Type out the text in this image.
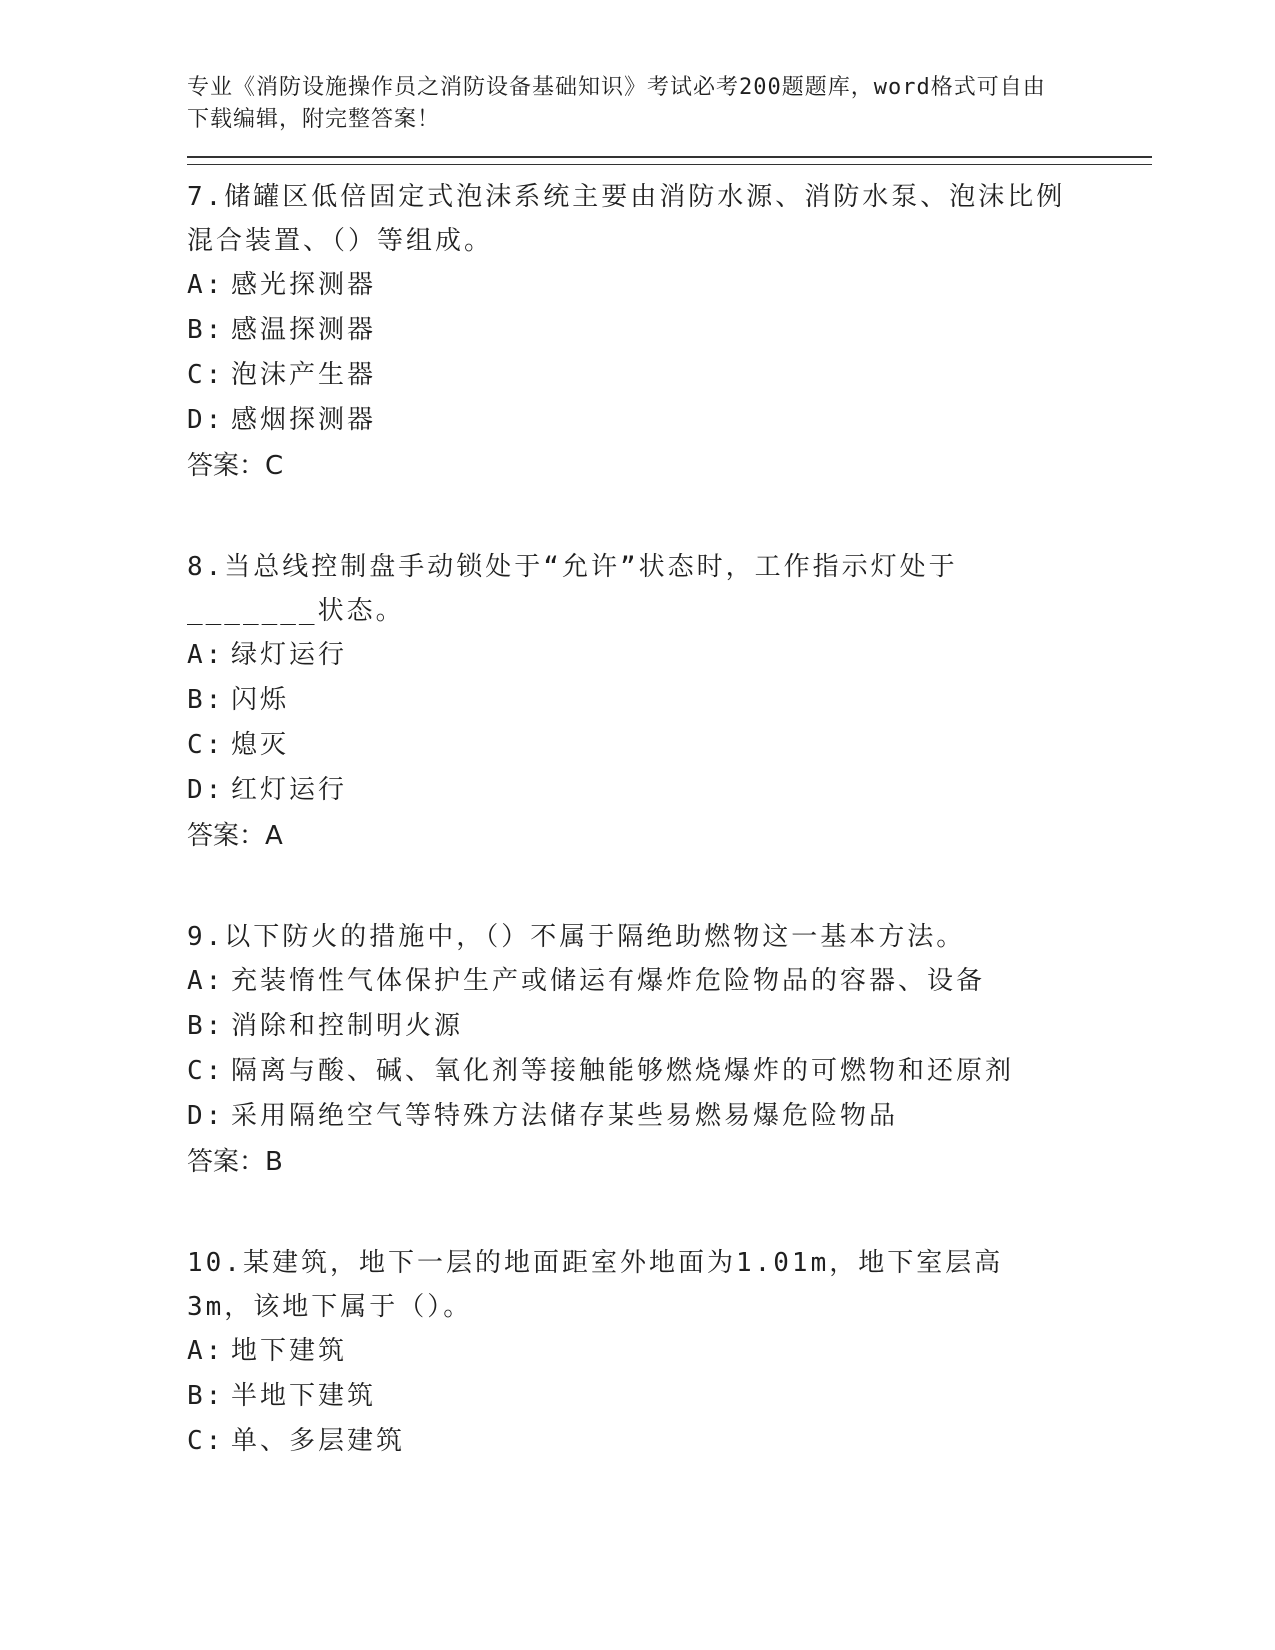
专业《消防设施操作员之消防设备基础知识》考试必考200题题库，word格式可自由下载编辑，附完整答案！
7.储罐区低倍固定式泡沫系统主要由消防水源、消防水泵、泡沫比例混合装置、（）等组成。
A: 感光探测器
B: 感温探测器
C: 泡沫产生器
D: 感烟探测器
答案：C
8.当总线控制盘手动锁处于“允许”状态时，工作指示灯处于_______状态。
A: 绿灯运行
B: 闪烁
C: 熄灭
D: 红灯运行
答案：A
9.以下防火的措施中，（）不属于隔绝助燃物这一基本方法。
A: 充装惰性气体保护生产或储运有爆炸危险物品的容器、设备
B: 消除和控制明火源
C: 隔离与酸、碱、氧化剂等接触能够燃烧爆炸的可燃物和还原剂
D: 采用隔绝空气等特殊方法储存某些易燃易爆危险物品
答案：B
10.某建筑，地下一层的地面距室外地面为1.01m，地下室层高3m，该地下属于（）。
A: 地下建筑
B: 半地下建筑
C: 单、多层建筑
